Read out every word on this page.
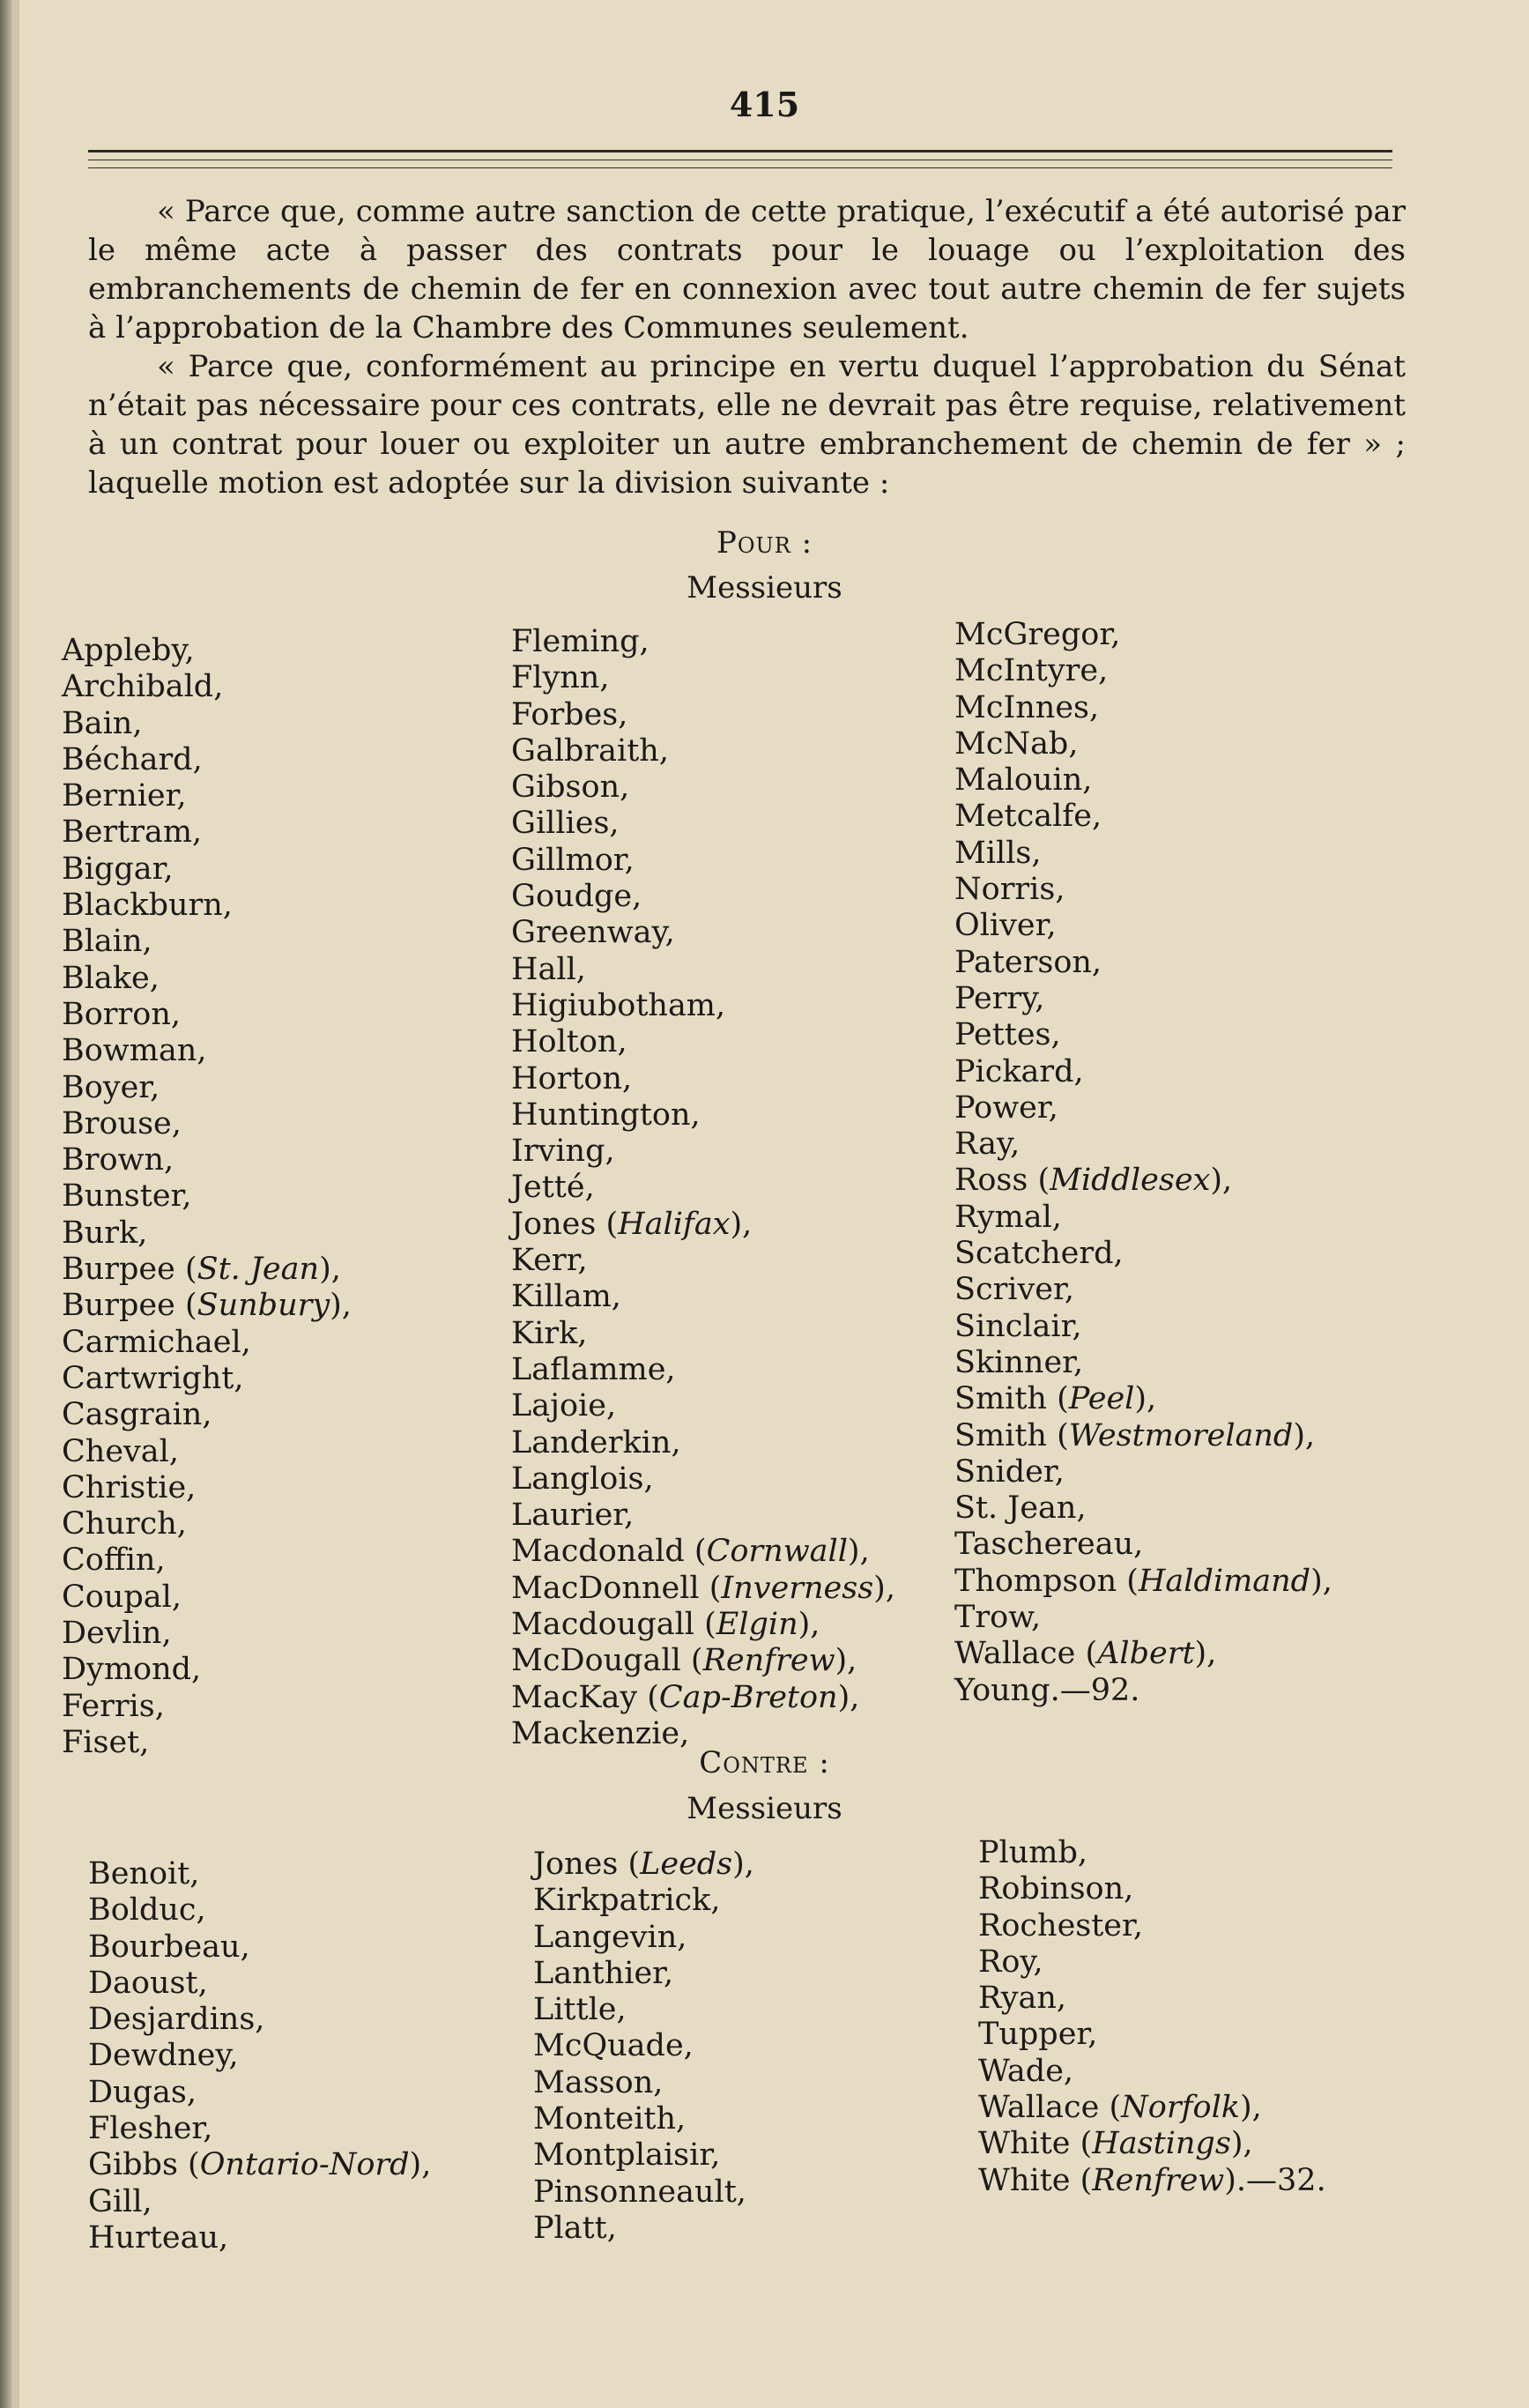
415

« Parce que, comme autre sanction de cette pratique, l’exécutif a été autorisé par le même acte à passer des contrats pour le louage ou l’exploitation des embranchements de chemin de fer en connexion avec tout autre chemin de fer sujets à l’approbation de la Chambre des Communes seulement.

« Parce que, conformément au principe en vertu duquel l’approbation du Sénat n’était pas nécessaire pour ces contrats, elle ne devrait pas être requise, relativement à un contrat pour louer ou exploiter un autre embranchement de chemin de fer » ; laquelle motion est adoptée sur la division suivante :

Pour :
Messieurs
Appleby,
Archibald,
Bain,
Béchard,
Bernier,
Bertram,
Biggar,
Blackburn,
Blain,
Blake,
Borron,
Bowman,
Boyer,
Brouse,
Brown,
Bunster,
Burk,
Burpee (St. Jean),
Burpee (Sunbury),
Carmichael,
Cartwright,
Casgrain,
Cheval,
Christie,
Church,
Coffin,
Coupal,
Devlin,
Dymond,
Ferris,
Fiset,
Fleming,
Flynn,
Forbes,
Galbraith,
Gibson,
Gillies,
Gillmor,
Goudge,
Greenway,
Hall,
Higiubotham,
Holton,
Horton,
Huntington,
Irving,
Jetté,
Jones (Halifax),
Kerr,
Killam,
Kirk,
Laflamme,
Lajoie,
Landerkin,
Langlois,
Laurier,
Macdonald (Cornwall),
MacDonnell (Inverness),
Macdougall (Elgin),
McDougall (Renfrew),
MacKay (Cap-Breton),
Mackenzie,
McGregor,
McIntyre,
McInnes,
McNab,
Malouin,
Metcalfe,
Mills,
Norris,
Oliver,
Paterson,
Perry,
Pettes,
Pickard,
Power,
Ray,
Ross (Middlesex),
Rymal,
Scatcherd,
Scriver,
Sinclair,
Skinner,
Smith (Peel),
Smith (Westmoreland),
Snider,
St. Jean,
Taschereau,
Thompson (Haldimand),
Trow,
Wallace (Albert),
Young.—92.
Contre :
Messieurs
Benoit,
Bolduc,
Bourbeau,
Daoust,
Desjardins,
Dewdney,
Dugas,
Flesher,
Gibbs (Ontario-Nord),
Gill,
Hurteau,
Jones (Leeds),
Kirkpatrick,
Langevin,
Lanthier,
Little,
McQuade,
Masson,
Monteith,
Montplaisir,
Pinsonneault,
Platt,
Plumb,
Robinson,
Rochester,
Roy,
Ryan,
Tupper,
Wade,
Wallace (Norfolk),
White (Hastings),
White (Renfrew).—32.
